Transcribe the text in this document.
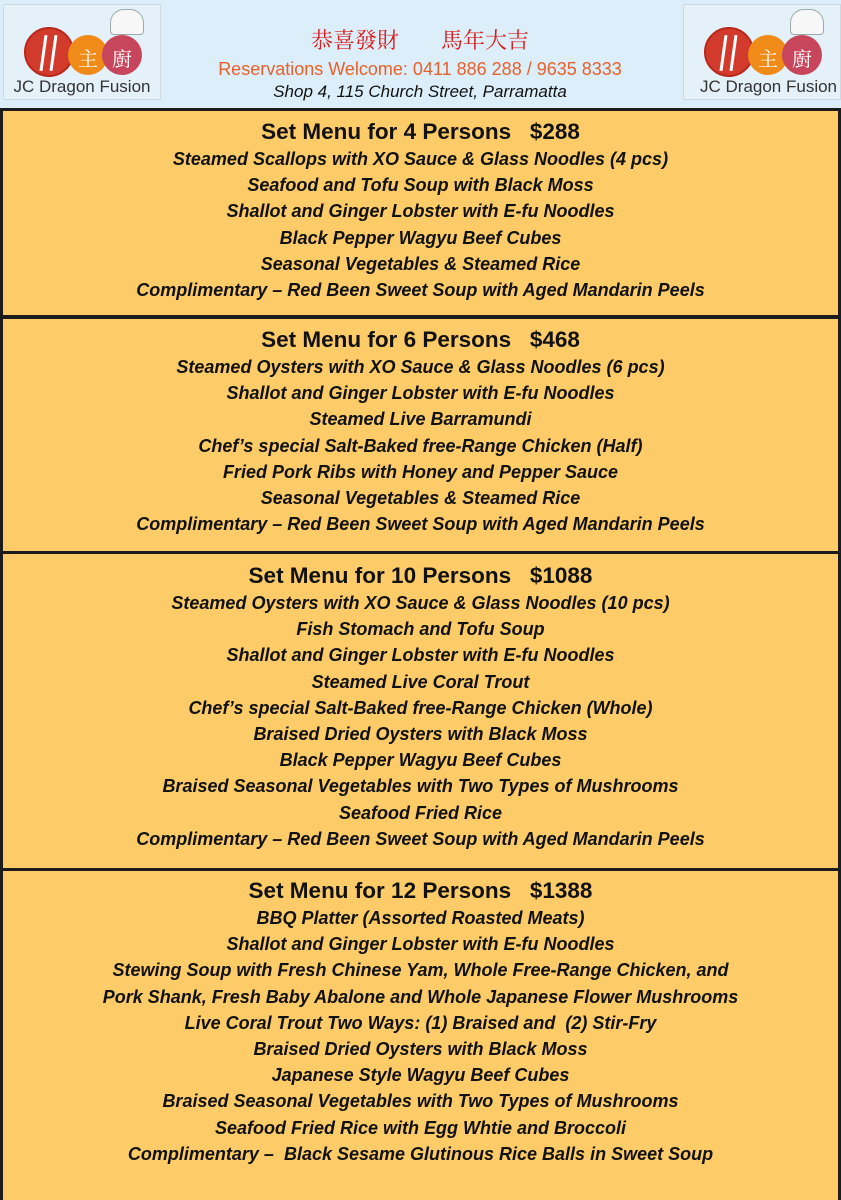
主 廚
JC Dragon Fusion
恭喜發財      馬年大吉
Reservations Welcome: 0411 886 288 / 9635 8333
Shop 4, 115 Church Street, Parramatta
主 廚
JC Dragon Fusion
Set Menu for 4 Persons   $288
Steamed Scallops with XO Sauce & Glass Noodles (4 pcs)
Seafood and Tofu Soup with Black Moss
Shallot and Ginger Lobster with E-fu Noodles
Black Pepper Wagyu Beef Cubes
Seasonal Vegetables & Steamed Rice
Complimentary – Red Been Sweet Soup with Aged Mandarin Peels
Set Menu for 6 Persons   $468
Steamed Oysters with XO Sauce & Glass Noodles (6 pcs)
Shallot and Ginger Lobster with E-fu Noodles
Steamed Live Barramundi
Chef’s special Salt-Baked free-Range Chicken (Half)
Fried Pork Ribs with Honey and Pepper Sauce
Seasonal Vegetables & Steamed Rice
Complimentary – Red Been Sweet Soup with Aged Mandarin Peels
Set Menu for 10 Persons   $1088
Steamed Oysters with XO Sauce & Glass Noodles (10 pcs)
Fish Stomach and Tofu Soup
Shallot and Ginger Lobster with E-fu Noodles
Steamed Live Coral Trout
Chef’s special Salt-Baked free-Range Chicken (Whole)
Braised Dried Oysters with Black Moss
Black Pepper Wagyu Beef Cubes
Braised Seasonal Vegetables with Two Types of Mushrooms
Seafood Fried Rice
Complimentary – Red Been Sweet Soup with Aged Mandarin Peels
Set Menu for 12 Persons   $1388
BBQ Platter (Assorted Roasted Meats)
Shallot and Ginger Lobster with E-fu Noodles
Stewing Soup with Fresh Chinese Yam, Whole Free-Range Chicken, and
Pork Shank, Fresh Baby Abalone and Whole Japanese Flower Mushrooms
Live Coral Trout Two Ways: (1) Braised and  (2) Stir-Fry
Braised Dried Oysters with Black Moss
Japanese Style Wagyu Beef Cubes
Braised Seasonal Vegetables with Two Types of Mushrooms
Seafood Fried Rice with Egg Whtie and Broccoli
Complimentary –  Black Sesame Glutinous Rice Balls in Sweet Soup
